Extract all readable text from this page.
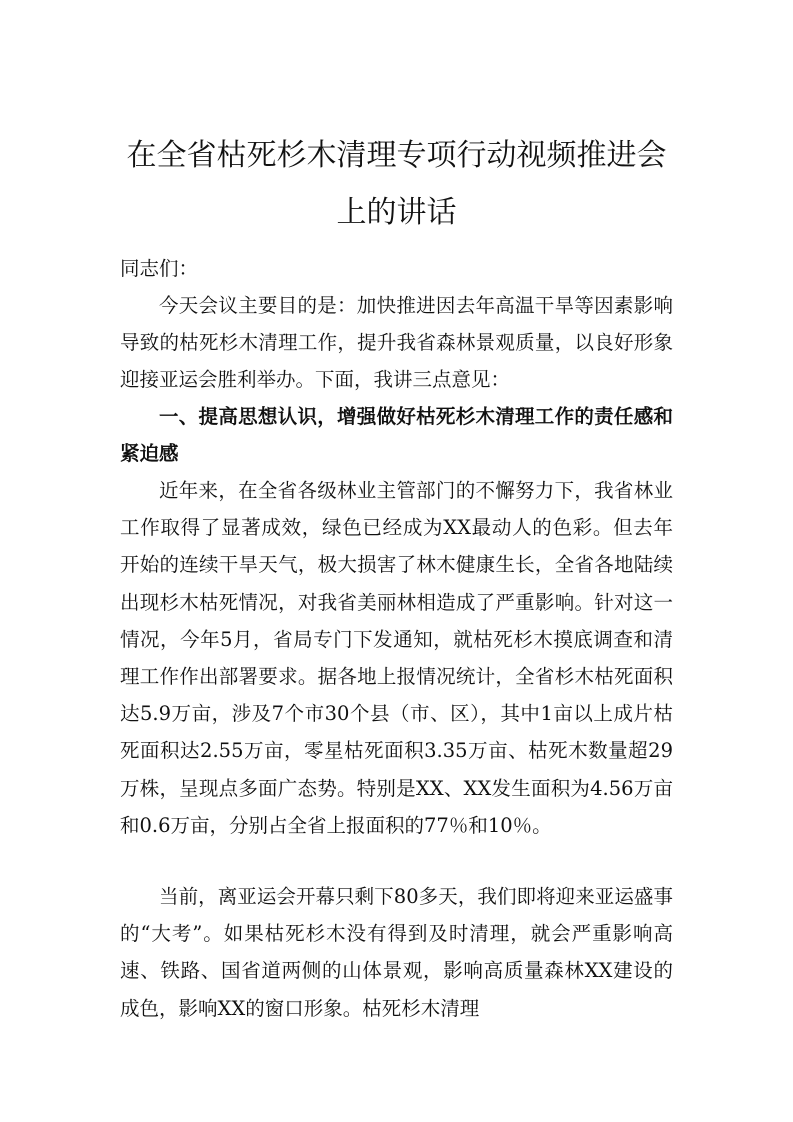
在全省枯死杉木清理专项行动视频推进会
上的讲话
同志们：

今天会议主要目的是：加快推进因去年高温干旱等因素影响导致的枯死杉木清理工作，提升我省森林景观质量，以良好形象迎接亚运会胜利举办。下面，我讲三点意见：

一、提高思想认识，增强做好枯死杉木清理工作的责任感和紧迫感

近年来，在全省各级林业主管部门的不懈努力下，我省林业工作取得了显著成效，绿色已经成为XX最动人的色彩。但去年开始的连续干旱天气，极大损害了林木健康生长，全省各地陆续出现杉木枯死情况，对我省美丽林相造成了严重影响。针对这一情况，今年5月，省局专门下发通知，就枯死杉木摸底调查和清理工作作出部署要求。据各地上报情况统计，全省杉木枯死面积达5.9万亩，涉及7个市30个县（市、区），其中1亩以上成片枯死面积达2.55万亩，零星枯死面积3.35万亩、枯死木数量超29万株，呈现点多面广态势。特别是XX、XX发生面积为4.56万亩和0.6万亩，分别占全省上报面积的77％和10％。

当前，离亚运会开幕只剩下80多天，我们即将迎来亚运盛事的“大考”。如果枯死杉木没有得到及时清理，就会严重影响高速、铁路、国省道两侧的山体景观，影响高质量森林XX建设的成色，影响XX的窗口形象。枯死杉木清理
